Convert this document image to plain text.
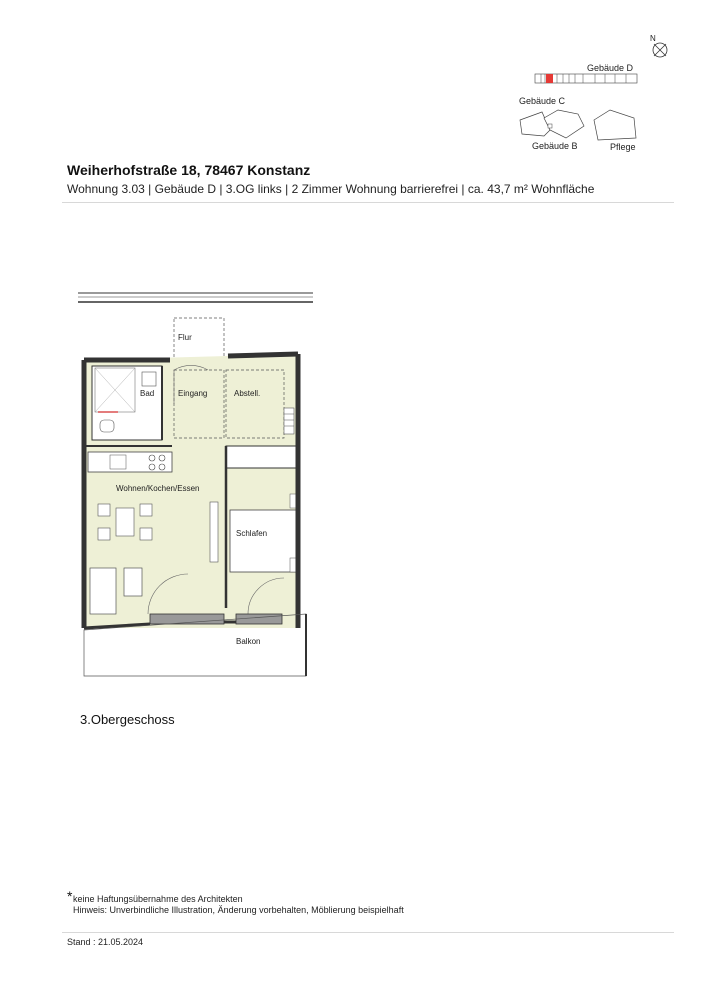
N
Gebäude D
Gebäude C
Gebäude B	Pflege
Weiherhofstraße 18, 78467 Konstanz
Wohnung 3.03 | Gebäude D | 3.OG links | 2 Zimmer Wohnung barrierefrei | ca. 43,7 m² Wohnfläche
Flur
Bad	Eingang	Abstell.
Wohnen/Kochen/Essen
Schlafen
Balkon
3.Obergeschoss
* keine Haftungsübernahme des Architekten
Hinweis: Unverbindliche Illustration, Änderung vorbehalten, Möblierung beispielhaft
Stand : 21.05.2024
